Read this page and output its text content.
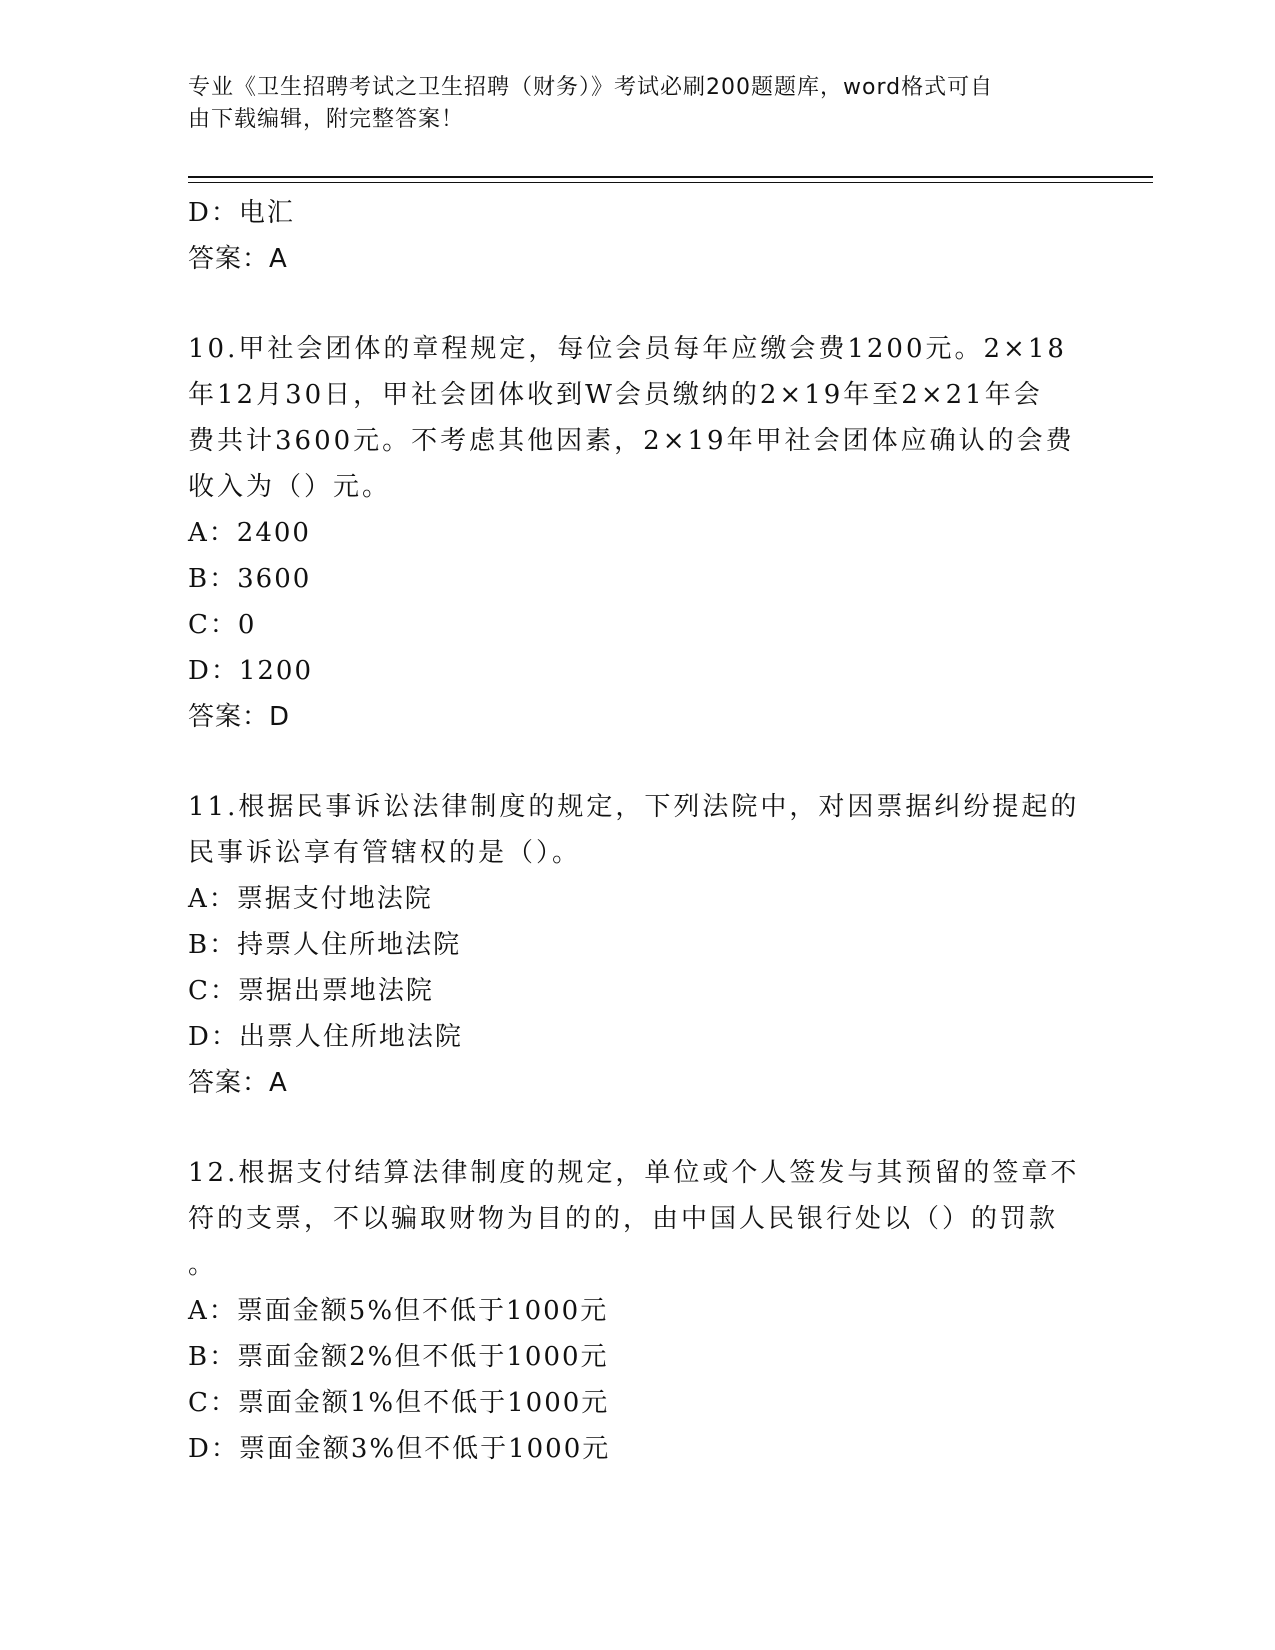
专业《卫生招聘考试之卫生招聘（财务）》考试必刷200题题库，word格式可自
由下载编辑，附完整答案！
D：电汇
答案：A
10.甲社会团体的章程规定，每位会员每年应缴会费1200元。2×18
年12月30日，甲社会团体收到W会员缴纳的2×19年至2×21年会
费共计3600元。不考虑其他因素，2×19年甲社会团体应确认的会费
收入为（）元。
A：2400
B：3600
C：0
D：1200
答案：D
11.根据民事诉讼法律制度的规定，下列法院中，对因票据纠纷提起的
民事诉讼享有管辖权的是（）。
A：票据支付地法院
B：持票人住所地法院
C：票据出票地法院
D：出票人住所地法院
答案：A
12.根据支付结算法律制度的规定，单位或个人签发与其预留的签章不
符的支票，不以骗取财物为目的的，由中国人民银行处以（）的罚款
。
A：票面金额5%但不低于1000元
B：票面金额2%但不低于1000元
C：票面金额1%但不低于1000元
D：票面金额3%但不低于1000元
